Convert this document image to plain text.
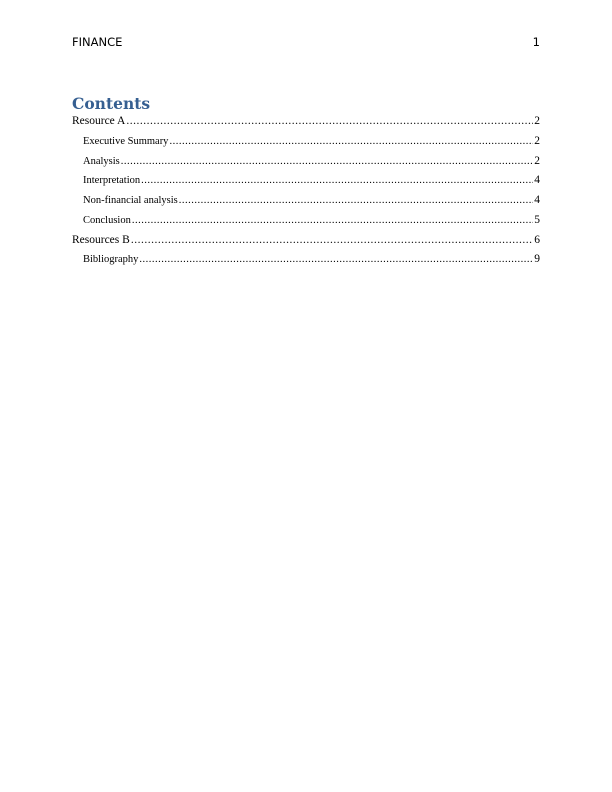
FINANCE	1
Contents
Resource A .....	2
Executive Summary .....	2
Analysis .....	2
Interpretation .....	4
Non-financial analysis .....	4
Conclusion .....	5
Resources B .....	6
Bibliography .....	9
